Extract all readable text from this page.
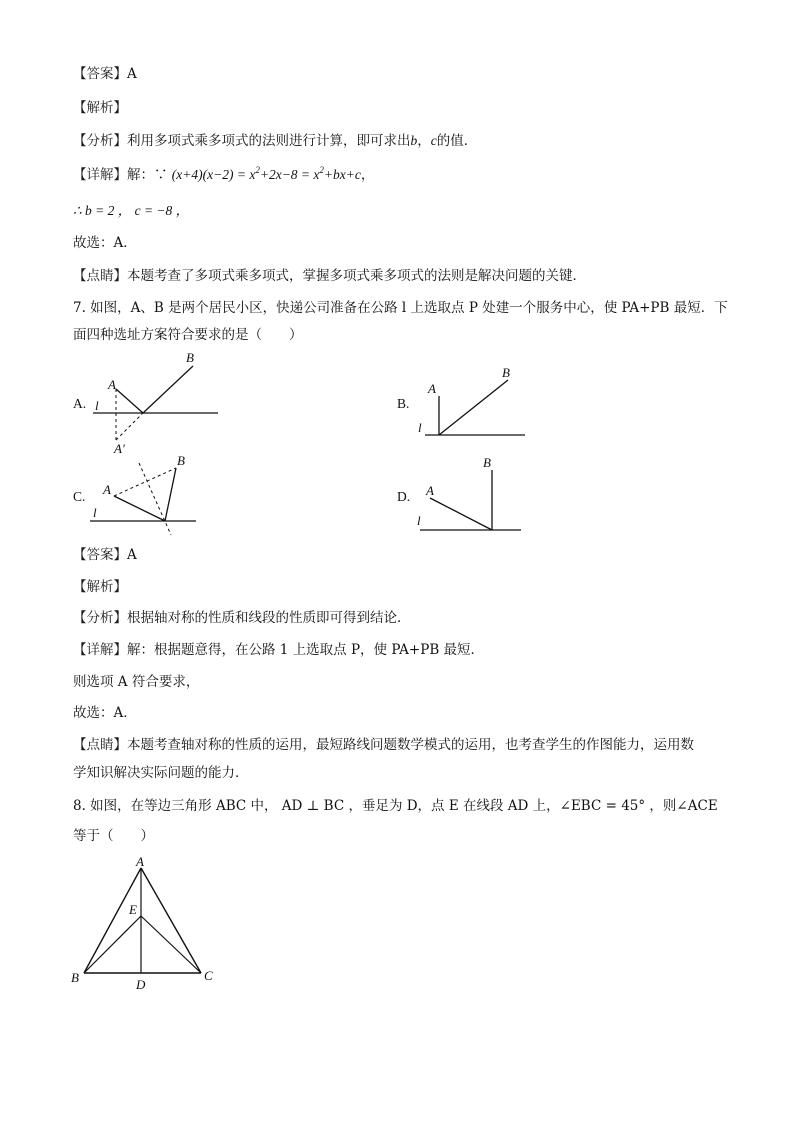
【答案】A
【解析】
【分析】利用多项式乘多项式的法则进行计算，即可求出b，c的值．
【详解】解：∵ $(x+4)(x-2) = x^2+2x-8 = x^2+bx+c$，
∴ b = 2 ， c = −8 ，
故选：A．
【点睛】本题考查了多项式乘多项式，掌握多项式乘多项式的法则是解决问题的关键．
7. 如图，A、B 是两个居民小区，快递公司准备在公路 l 上选取点 P 处建一个服务中心，使 PA+PB 最短．下
面四种选址方案符合要求的是（　　）
A.
B
A
l
A′
B.
A
B
l
C. A
B
l
D. A
B
l
【答案】A
【解析】
【分析】根据轴对称的性质和线段的性质即可得到结论．
【详解】解：根据题意得，在公路 1 上选取点 P，使 PA+PB 最短．
则选项 A 符合要求，
故选：A．
【点睛】本题考查轴对称的性质的运用，最短路线问题数学模式的运用，也考查学生的作图能力，运用数
学知识解决实际问题的能力．
8. 如图，在等边三角形 ABC 中， AD ⊥ BC ，垂足为 D，点 E 在线段 AD 上，∠EBC = 45° ，则∠ACE
等于（　　）
A
E
B	D
C
